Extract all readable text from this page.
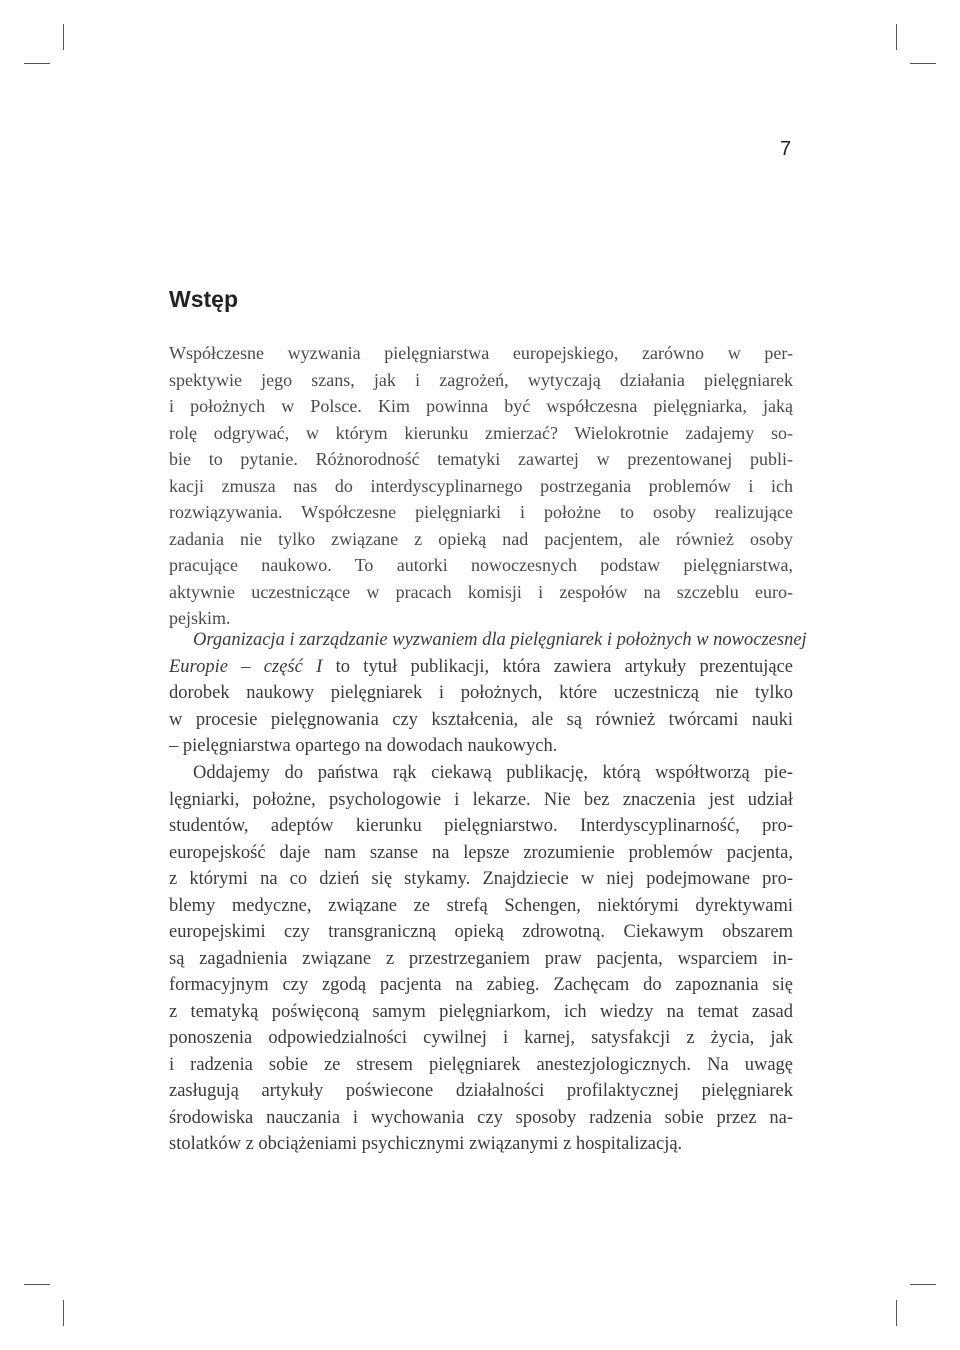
7
Wstęp
Współczesne wyzwania pielęgniarstwa europejskiego, zarówno w per-
spektywie jego szans, jak i zagrożeń, wytyczają działania pielęgniarek
i położnych w Polsce. Kim powinna być współczesna pielęgniarka, jaką
rolę odgrywać, w którym kierunku zmierzać? Wielokrotnie zadajemy so-
bie to pytanie. Różnorodność tematyki zawartej w prezentowanej publi-
kacji zmusza nas do interdyscyplinarnego postrzegania problemów i ich
rozwiązywania. Współczesne pielęgniarki i położne to osoby realizujące
zadania nie tylko związane z opieką nad pacjentem, ale również osoby
pracujące naukowo. To autorki nowoczesnych podstaw pielęgniarstwa,
aktywnie uczestniczące w pracach komisji i zespołów na szczeblu euro-
pejskim.
Organizacja i zarządzanie wyzwaniem dla pielęgniarek i położnych w nowoczesnej
Europie – część I to tytuł publikacji, która zawiera artykuły prezentujące
dorobek naukowy pielęgniarek i położnych, które uczestniczą nie tylko
w procesie pielęgnowania czy kształcenia, ale są również twórcami nauki
– pielęgniarstwa opartego na dowodach naukowych.
Oddajemy do państwa rąk ciekawą publikację, którą współtworzą pie-
lęgniarki, położne, psychologowie i lekarze. Nie bez znaczenia jest udział
studentów, adeptów kierunku pielęgniarstwo. Interdyscyplinarność, pro-
europejskość daje nam szanse na lepsze zrozumienie problemów pacjenta,
z którymi na co dzień się stykamy. Znajdziecie w niej podejmowane pro-
blemy medyczne, związane ze strefą Schengen, niektórymi dyrektywami
europejskimi czy transgraniczną opieką zdrowotną. Ciekawym obszarem
są zagadnienia związane z przestrzeganiem praw pacjenta, wsparciem in-
formacyjnym czy zgodą pacjenta na zabieg. Zachęcam do zapoznania się
z tematyką poświęconą samym pielęgniarkom, ich wiedzy na temat zasad
ponoszenia odpowiedzialności cywilnej i karnej, satysfakcji z życia, jak
i radzenia sobie ze stresem pielęgniarek anestezjologicznych. Na uwagę
zasługują artykuły poświecone działalności profilaktycznej pielęgniarek
środowiska nauczania i wychowania czy sposoby radzenia sobie przez na-
stolatków z obciążeniami psychicznymi związanymi z hospitalizacją.
